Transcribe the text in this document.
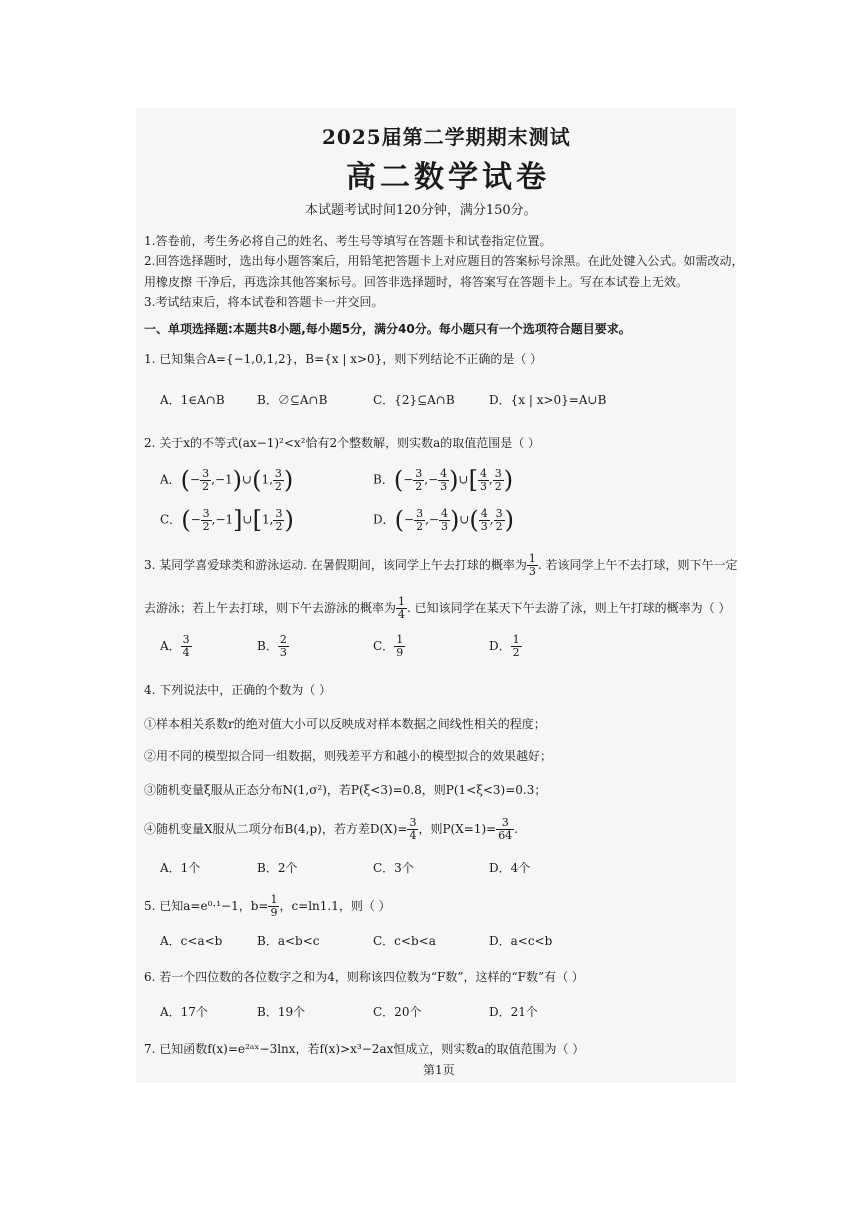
2025届第二学期期末测试
高二数学试卷
本试题考试时间120分钟，满分150分。
1.答卷前，考生务必将自己的姓名、考生号等填写在答题卡和试卷指定位置。
2.回答选择题时，选出每小题答案后，用铅笔把答题卡上对应题目的答案标号涂黑。在此处键入公式。如需改动，
用橡皮擦 干净后，再选涂其他答案标号。回答非选择题时，将答案写在答题卡上。写在本试卷上无效。
3.考试结束后，将本试卷和答题卡一并交回。
一、单项选择题:本题共8小题,每小题5分，满分40分。每小题只有一个选项符合题目要求。
1. 已知集合A={−1,0,1,2}，B={x | x>0}，则下列结论不正确的是（ ）
A．1∈A∩B	B．∅⊆A∩B	C．{2}⊆A∩B	D．{x | x>0}=A∪B
2. 关于x的不等式(ax−1)²<x²恰有2个整数解，则实数a的取值范围是（ ）
A．(− $\frac{3}{2}$ ,−1)∪(1, $\frac{3}{2}$ )	B．(− $\frac{3}{2}$ ,− $\frac{4}{3}$ )∪[ $\frac{4}{3}$ , $\frac{3}{2}$ )
C．(− $\frac{3}{2}$ ,−1]∪[1, $\frac{3}{2}$ )	D．(− $\frac{3}{2}$ ,− $\frac{4}{3}$ )∪( $\frac{4}{3}$ , $\frac{3}{2}$ )
3. 某同学喜爱球类和游泳运动. 在暑假期间，该同学上午去打球的概率为 $\frac{1}{3}$ . 若该同学上午不去打球，则下午一定
去游泳；若上午去打球，则下午去游泳的概率为 $\frac{1}{4}$ . 已知该同学在某天下午去游了泳，则上午打球的概率为（ ）
A． $\frac{3}{4}$	B． $\frac{2}{3}$	C． $\frac{1}{9}$	D． $\frac{1}{2}$
4. 下列说法中，正确的个数为（ ）
①样本相关系数r的绝对值大小可以反映成对样本数据之间线性相关的程度；
②用不同的模型拟合同一组数据，则残差平方和越小的模型拟合的效果越好；
③随机变量ξ服从正态分布N(1,σ²)，若P(ξ<3)=0.8，则P(1<ξ<3)=0.3；
④随机变量X服从二项分布B(4,p)，若方差$D(X)= \frac{3}{4}$ ，则$P(X=1)= \frac{3}{64}$ .
A．1个	B．2个	C．3个	D．4个
5. 已知a=e⁰·¹−1，$b= \frac{1}{9}$ ，c=ln1.1，则（ ）
A．c<a<b	B．a<b<c	C．c<b<a	D．a<c<b
6. 若一个四位数的各位数字之和为4，则称该四位数为“F数”，这样的“F数”有（ ）
A．17个	B．19个	C．20个	D．21个
7. 已知函数f(x)=e²ᵃˣ−3lnx，若f(x)>x³−2ax恒成立，则实数a的取值范围为（ ）
第1页
